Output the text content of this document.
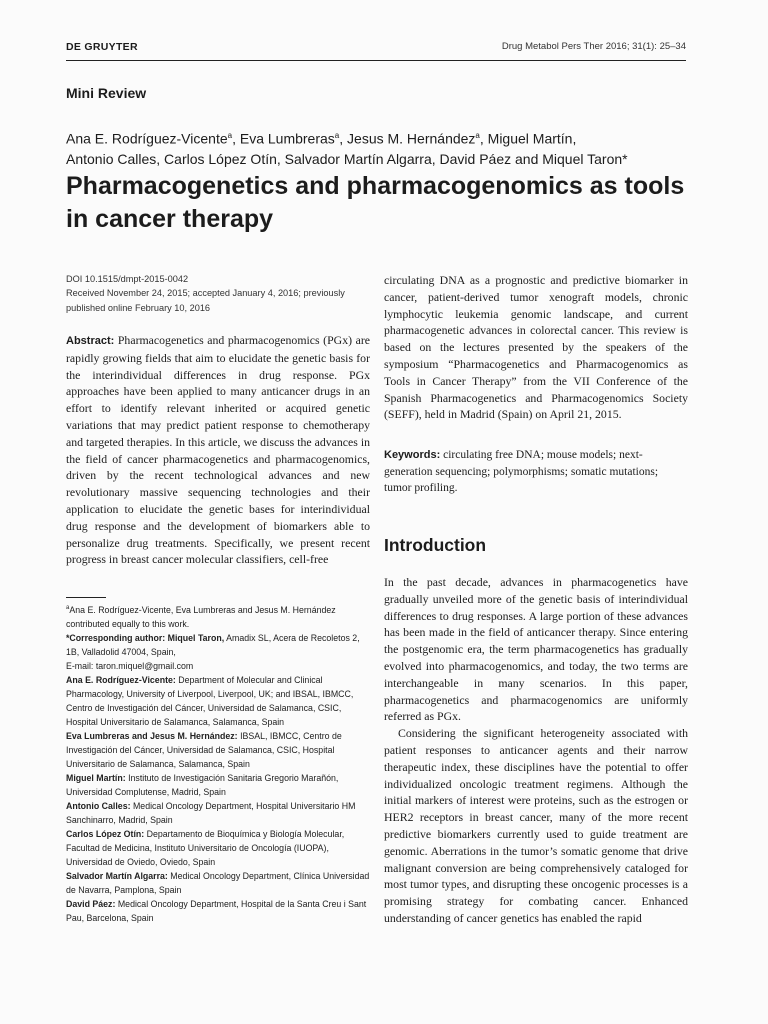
DE GRUYTER	Drug Metabol Pers Ther 2016; 31(1): 25–34
Mini Review
Ana E. Rodríguez-Vicente$^a$, Eva Lumbreras$^a$, Jesus M. Hernández$^a$, Miguel Martín,
Antonio Calles, Carlos López Otín, Salvador Martín Algarra, David Páez and Miquel Taron*
Pharmacogenetics and pharmacogenomics as tools in cancer therapy
DOI 10.1515/dmpt-2015-0042
Received November 24, 2015; accepted January 4, 2016; previously
published online February 10, 2016
Abstract: Pharmacogenetics and pharmacogenomics (PGx) are rapidly growing fields that aim to elucidate the genetic basis for the interindividual differences in drug response. PGx approaches have been applied to many anticancer drugs in an effort to identify relevant inherited or acquired genetic variations that may predict patient response to chemotherapy and targeted therapies. In this article, we discuss the advances in the field of cancer pharmacogenetics and pharmacogenomics, driven by the recent technological advances and new revolutionary massive sequencing technologies and their application to elucidate the genetic bases for interindividual drug response and the development of biomarkers able to personalize drug treatments. Specifically, we present recent progress in breast cancer molecular classifiers, cell-free
circulating DNA as a prognostic and predictive biomarker in cancer, patient-derived tumor xenograft models, chronic lymphocytic leukemia genomic landscape, and current pharmacogenetic advances in colorectal cancer. This review is based on the lectures presented by the speakers of the symposium “Pharmacogenetics and Pharmacogenomics as Tools in Cancer Therapy” from the VII Conference of the Spanish Pharmacogenetics and Pharmacogenomics Society (SEFF), held in Madrid (Spain) on April 21, 2015.
Keywords: circulating free DNA; mouse models; next-generation sequencing; polymorphisms; somatic mutations; tumor profiling.
Introduction

In the past decade, advances in pharmacogenetics have gradually unveiled more of the genetic basis of interindividual differences to drug responses. A large portion of these advances has been made in the field of anticancer therapy. Since entering the postgenomic era, the term pharmacogenetics has gradually evolved into pharmacogenomics, and today, the two terms are interchangeable in many scenarios. In this paper, pharmacogenetics and pharmacogenomics are uniformly referred as PGx.

Considering the significant heterogeneity associated with patient responses to anticancer agents and their narrow therapeutic index, these disciplines have the potential to offer individualized oncologic treatment regimens. Although the initial markers of interest were proteins, such as the estrogen or HER2 receptors in breast cancer, many of the more recent predictive biomarkers currently used to guide treatment are genomic. Aberrations in the tumor’s somatic genome that drive malignant conversion are being comprehensively cataloged for most tumor types, and disrupting these oncogenic processes is a promising strategy for combating cancer. Enhanced understanding of cancer genetics has enabled the rapid

$^a$Ana E. Rodríguez-Vicente, Eva Lumbreras and Jesus M. Hernández contributed equally to this work.
*Corresponding author: Miquel Taron, Amadix SL, Acera de Recoletos 2, 1B, Valladolid 47004, Spain,
E-mail: taron.miquel@gmail.com
Ana E. Rodríguez-Vicente: Department of Molecular and Clinical Pharmacology, University of Liverpool, Liverpool, UK; and IBSAL, IBMCC, Centro de Investigación del Cáncer, Universidad de Salamanca, CSIC, Hospital Universitario de Salamanca, Salamanca, Spain
Eva Lumbreras and Jesus M. Hernández: IBSAL, IBMCC, Centro de Investigación del Cáncer, Universidad de Salamanca, CSIC, Hospital Universitario de Salamanca, Salamanca, Spain
Miguel Martín: Instituto de Investigación Sanitaria Gregorio Marañón, Universidad Complutense, Madrid, Spain
Antonio Calles: Medical Oncology Department, Hospital Universitario HM Sanchinarro, Madrid, Spain
Carlos López Otín: Departamento de Bioquímica y Biología Molecular, Facultad de Medicina, Instituto Universitario de Oncología (IUOPA), Universidad de Oviedo, Oviedo, Spain
Salvador Martín Algarra: Medical Oncology Department, Clínica Universidad de Navarra, Pamplona, Spain
David Páez: Medical Oncology Department, Hospital de la Santa Creu i Sant Pau, Barcelona, Spain
